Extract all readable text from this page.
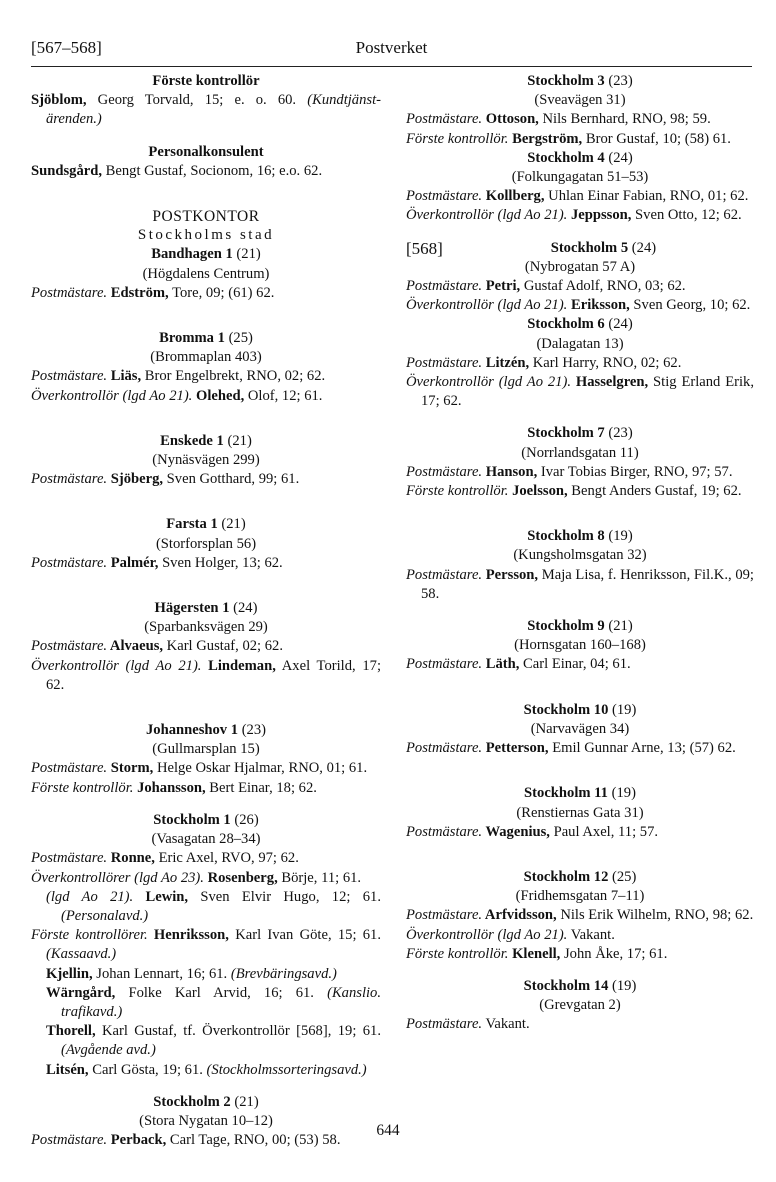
Postverket
[567–568]
Förste kontrollör
Sjöblom, Georg Torvald, 15; e. o. 60. (Kundtjänst-ärenden.)
Personalkonsulent
Sundsgård, Bengt Gustaf, Socionom, 16; e.o. 62.
POSTKONTOR
Stockholms stad
Bandhagen 1 (21)
(Högdalens Centrum)
Postmästare. Edström, Tore, 09; (61) 62.
Bromma 1 (25)
(Brommaplan 403)
Postmästare. Liäs, Bror Engelbrekt, RNO, 02; 62.
Överkontrollör (lgd Ao 21). Olehed, Olof, 12; 61.
Enskede 1 (21)
(Nynäsvägen 299)
Postmästare. Sjöberg, Sven Gotthard, 99; 61.
Farsta 1 (21)
(Storforsplan 56)
Postmästare. Palmér, Sven Holger, 13; 62.
Hägersten 1 (24)
(Sparbanksvägen 29)
Postmästare. Alvaeus, Karl Gustaf, 02; 62.
Överkontrollör (lgd Ao 21). Lindeman, Axel Torild, 17; 62.
Johanneshov 1 (23)
(Gullmarsplan 15)
Postmästare. Storm, Helge Oskar Hjalmar, RNO, 01; 61.
Förste kontrollör. Johansson, Bert Einar, 18; 62.
Stockholm 1 (26)
(Vasagatan 28–34)
Postmästare. Ronne, Eric Axel, RVO, 97; 62.
Överkontrollörer (lgd Ao 23). Rosenberg, Börje, 11; 61.
(lgd Ao 21). Lewin, Sven Elvir Hugo, 12; 61. (Personalavd.)
Förste kontrollörer. Henriksson, Karl Ivan Göte, 15; 61. (Kassaavd.)
Kjellin, Johan Lennart, 16; 61. (Brevbäringsavd.)
Wärngård, Folke Karl Arvid, 16; 61. (Kanslio. trafikavd.)
Thorell, Karl Gustaf, tf. Överkontrollör [568], 19; 61. (Avgående avd.)
Litsén, Carl Gösta, 19; 61. (Stockholmssorteringsavd.)
Stockholm 2 (21)
(Stora Nygatan 10–12)
Postmästare. Perback, Carl Tage, RNO, 00; (53) 58.
Stockholm 3 (23)
(Sveavägen 31)
Postmästare. Ottoson, Nils Bernhard, RNO, 98; 59.
Förste kontrollör. Bergström, Bror Gustaf, 10; (58) 61.
Stockholm 4 (24)
(Folkungagatan 51–53)
Postmästare. Kollberg, Uhlan Einar Fabian, RNO, 01; 62.
Överkontrollör (lgd Ao 21). Jeppsson, Sven Otto, 12; 62.
[568]	Stockholm 5 (24)
(Nybrogatan 57 A)
Postmästare. Petri, Gustaf Adolf, RNO, 03; 62.
Överkontrollör (lgd Ao 21). Eriksson, Sven Georg, 10; 62.
Stockholm 6 (24)
(Dalagatan 13)
Postmästare. Litzén, Karl Harry, RNO, 02; 62.
Överkontrollör (lgd Ao 21). Hasselgren, Stig Erland Erik, 17; 62.
Stockholm 7 (23)
(Norrlandsgatan 11)
Postmästare. Hanson, Ivar Tobias Birger, RNO, 97; 57.
Förste kontrollör. Joelsson, Bengt Anders Gustaf, 19; 62.
Stockholm 8 (19)
(Kungsholmsgatan 32)
Postmästare. Persson, Maja Lisa, f. Henriksson, Fil.K., 09; 58.
Stockholm 9 (21)
(Hornsgatan 160–168)
Postmästare. Läth, Carl Einar, 04; 61.
Stockholm 10 (19)
(Narvavägen 34)
Postmästare. Petterson, Emil Gunnar Arne, 13; (57) 62.
Stockholm 11 (19)
(Renstiernas Gata 31)
Postmästare. Wagenius, Paul Axel, 11; 57.
Stockholm 12 (25)
(Fridhemsgatan 7–11)
Postmästare. Arfvidsson, Nils Erik Wilhelm, RNO, 98; 62.
Överkontrollör (lgd Ao 21). Vakant.
Förste kontrollör. Klenell, John Åke, 17; 61.
Stockholm 14 (19)
(Grevgatan 2)
Postmästare. Vakant.
644
